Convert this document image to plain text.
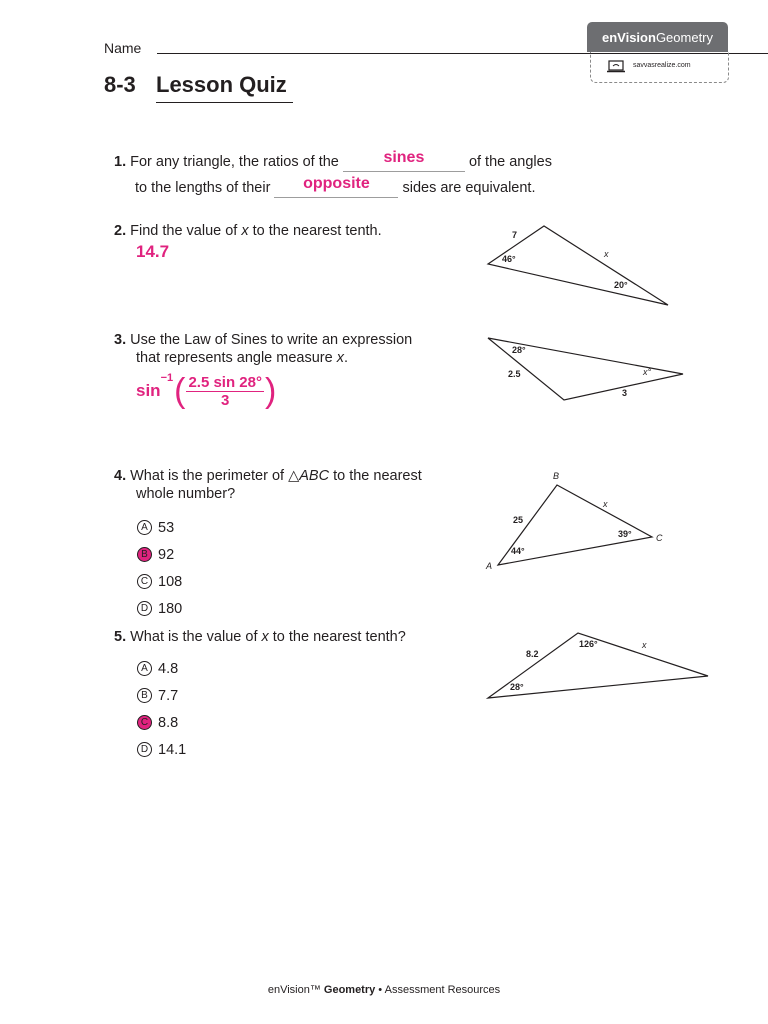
Name
enVision Geometry
savvasrealize.com
8-3 Lesson Quiz
1. For any triangle, the ratios of the	sines	of the angles
to the lengths of their opposite sides are equivalent.
2. Find the value of x to the nearest tenth.
14.7
7
x
46°
20°
3. Use the Law of Sines to write an expression
that represents angle measure x.
sin
$^{-1}$ ( $\frac{2.5 \sin 28^\circ}{3}$ )
28°
2.5	x°
3
4. What is the perimeter of △ABC to the nearest
whole number?
A 53
B 92
C 108
D 180
B
A
C
25
x
44°
39°
5. What is the value of x to the nearest tenth?
A 4.8
B 7.7
C 8.8
D 14.1
8.2
126°	x
28°
enVision™ Geometry • Assessment Resources
